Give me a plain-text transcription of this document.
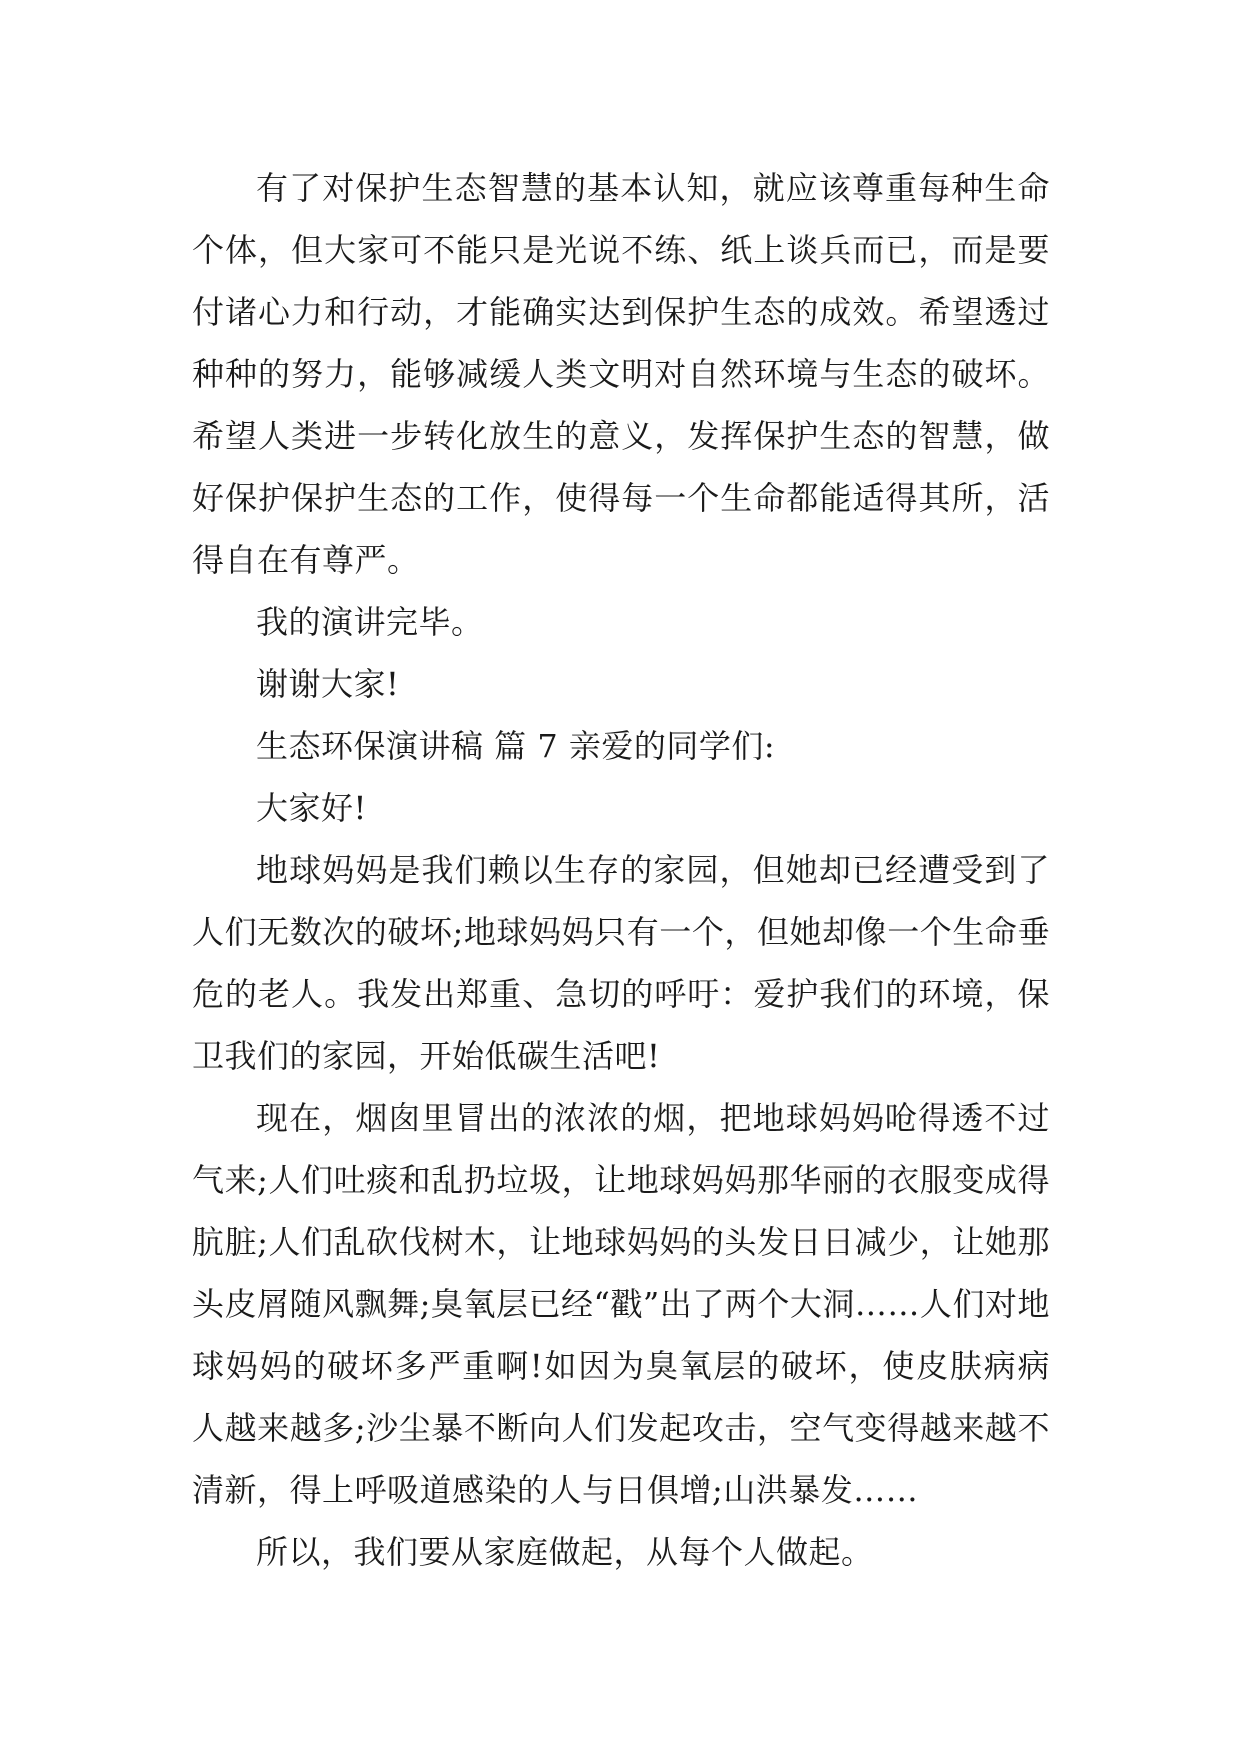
有了对保护生态智慧的基本认知，就应该尊重每种生命个体，但大家可不能只是光说不练、纸上谈兵而已，而是要付诸心力和行动，才能确实达到保护生态的成效。希望透过种种的努力，能够减缓人类文明对自然环境与生态的破坏。希望人类进一步转化放生的意义，发挥保护生态的智慧，做好保护保护生态的工作，使得每一个生命都能适得其所，活得自在有尊严。

我的演讲完毕。

谢谢大家!

生态环保演讲稿 篇 7 亲爱的同学们:

大家好!

地球妈妈是我们赖以生存的家园，但她却已经遭受到了人们无数次的破坏;地球妈妈只有一个，但她却像一个生命垂危的老人。我发出郑重、急切的呼吁：爱护我们的环境，保卫我们的家园，开始低碳生活吧!

现在，烟囱里冒出的浓浓的烟，把地球妈妈呛得透不过气来;人们吐痰和乱扔垃圾，让地球妈妈那华丽的衣服变成得肮脏;人们乱砍伐树木，让地球妈妈的头发日日减少，让她那头皮屑随风飘舞;臭氧层已经“戳”出了两个大洞……人们对地球妈妈的破坏多严重啊!如因为臭氧层的破坏，使皮肤病病人越来越多;沙尘暴不断向人们发起攻击，空气变得越来越不清新，得上呼吸道感染的人与日俱增;山洪暴发……

所以，我们要从家庭做起，从每个人做起。
